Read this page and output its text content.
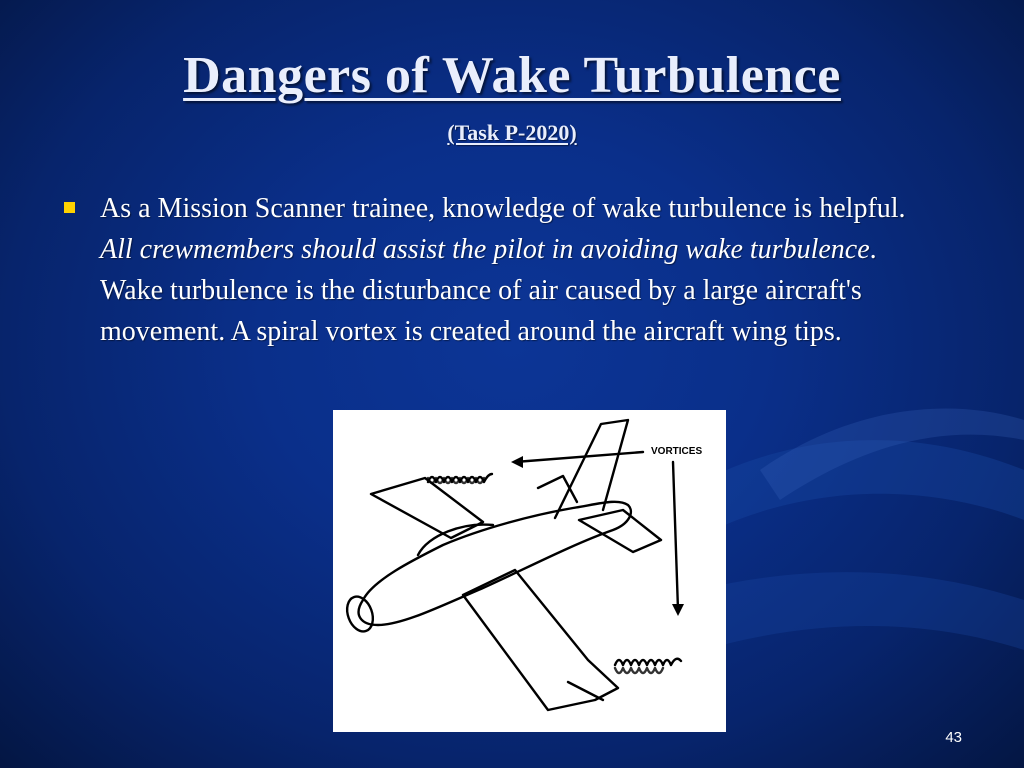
Dangers of Wake Turbulence
(Task P-2020)
As a Mission Scanner trainee, knowledge of wake turbulence is helpful. All crewmembers should assist the pilot in avoiding wake turbulence. Wake turbulence is the disturbance of air caused by a large aircraft's movement. A spiral vortex is created around the aircraft wing tips.
VORTICES
43
